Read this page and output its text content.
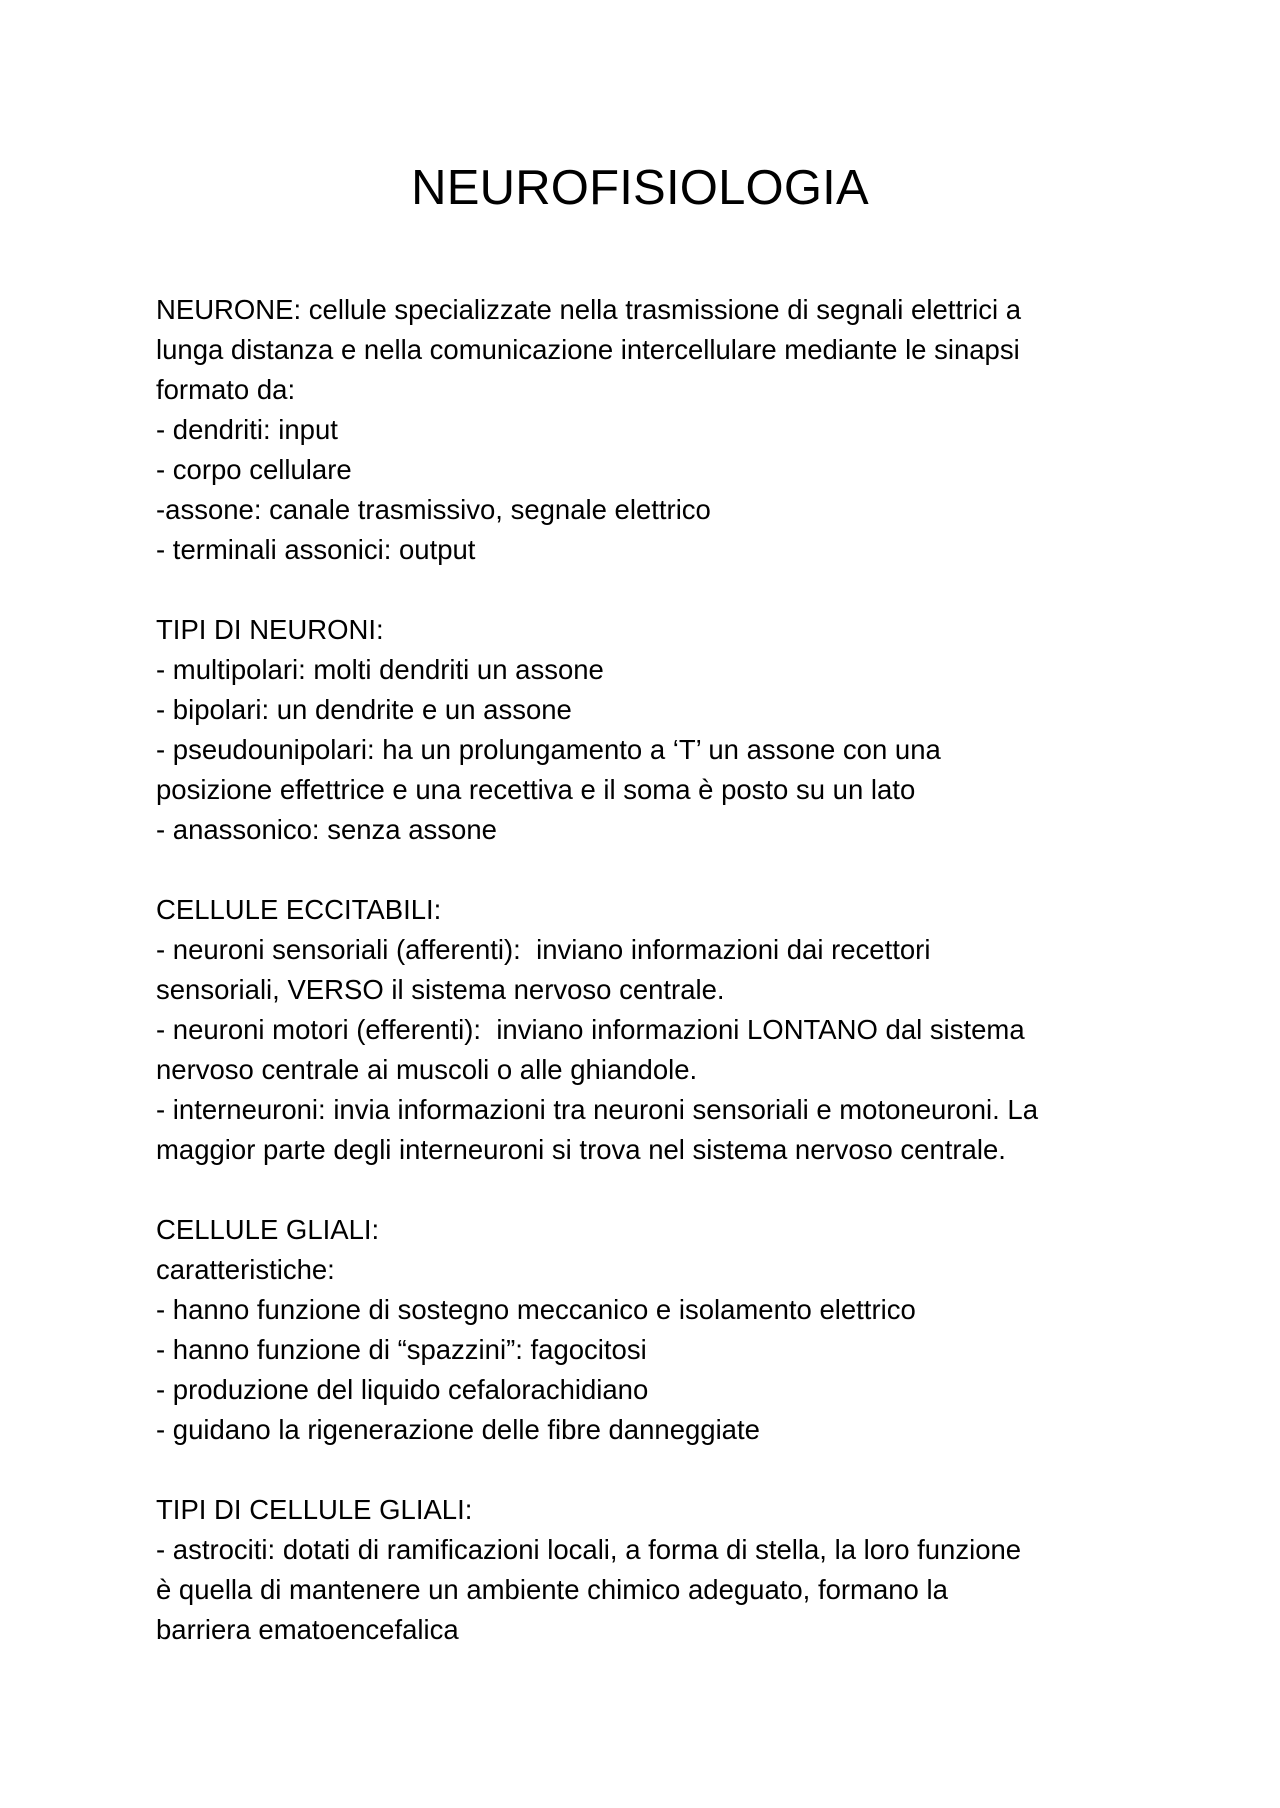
NEUROFISIOLOGIA

NEURONE: cellule specializzate nella trasmissione di segnali elettrici a

lunga distanza e nella comunicazione intercellulare mediante le sinapsi

formato da:

- dendriti: input

- corpo cellulare

-assone: canale trasmissivo, segnale elettrico

- terminali assonici: output

TIPI DI NEURONI:

- multipolari: molti dendriti un assone

- bipolari: un dendrite e un assone

- pseudounipolari: ha un prolungamento a ‘T’ un assone con una

posizione effettrice e una recettiva e il soma è posto su un lato

- anassonico: senza assone

CELLULE ECCITABILI:

- neuroni sensoriali (afferenti):  inviano informazioni dai recettori

sensoriali, VERSO il sistema nervoso centrale.

- neuroni motori (efferenti):  inviano informazioni LONTANO dal sistema

nervoso centrale ai muscoli o alle ghiandole.

- interneuroni: invia informazioni tra neuroni sensoriali e motoneuroni. La

maggior parte degli interneuroni si trova nel sistema nervoso centrale.

CELLULE GLIALI:

caratteristiche:

- hanno funzione di sostegno meccanico e isolamento elettrico

- hanno funzione di “spazzini”: fagocitosi

- produzione del liquido cefalorachidiano

- guidano la rigenerazione delle fibre danneggiate

TIPI DI CELLULE GLIALI:

- astrociti: dotati di ramificazioni locali, a forma di stella, la loro funzione

è quella di mantenere un ambiente chimico adeguato, formano la

barriera ematoencefalica
